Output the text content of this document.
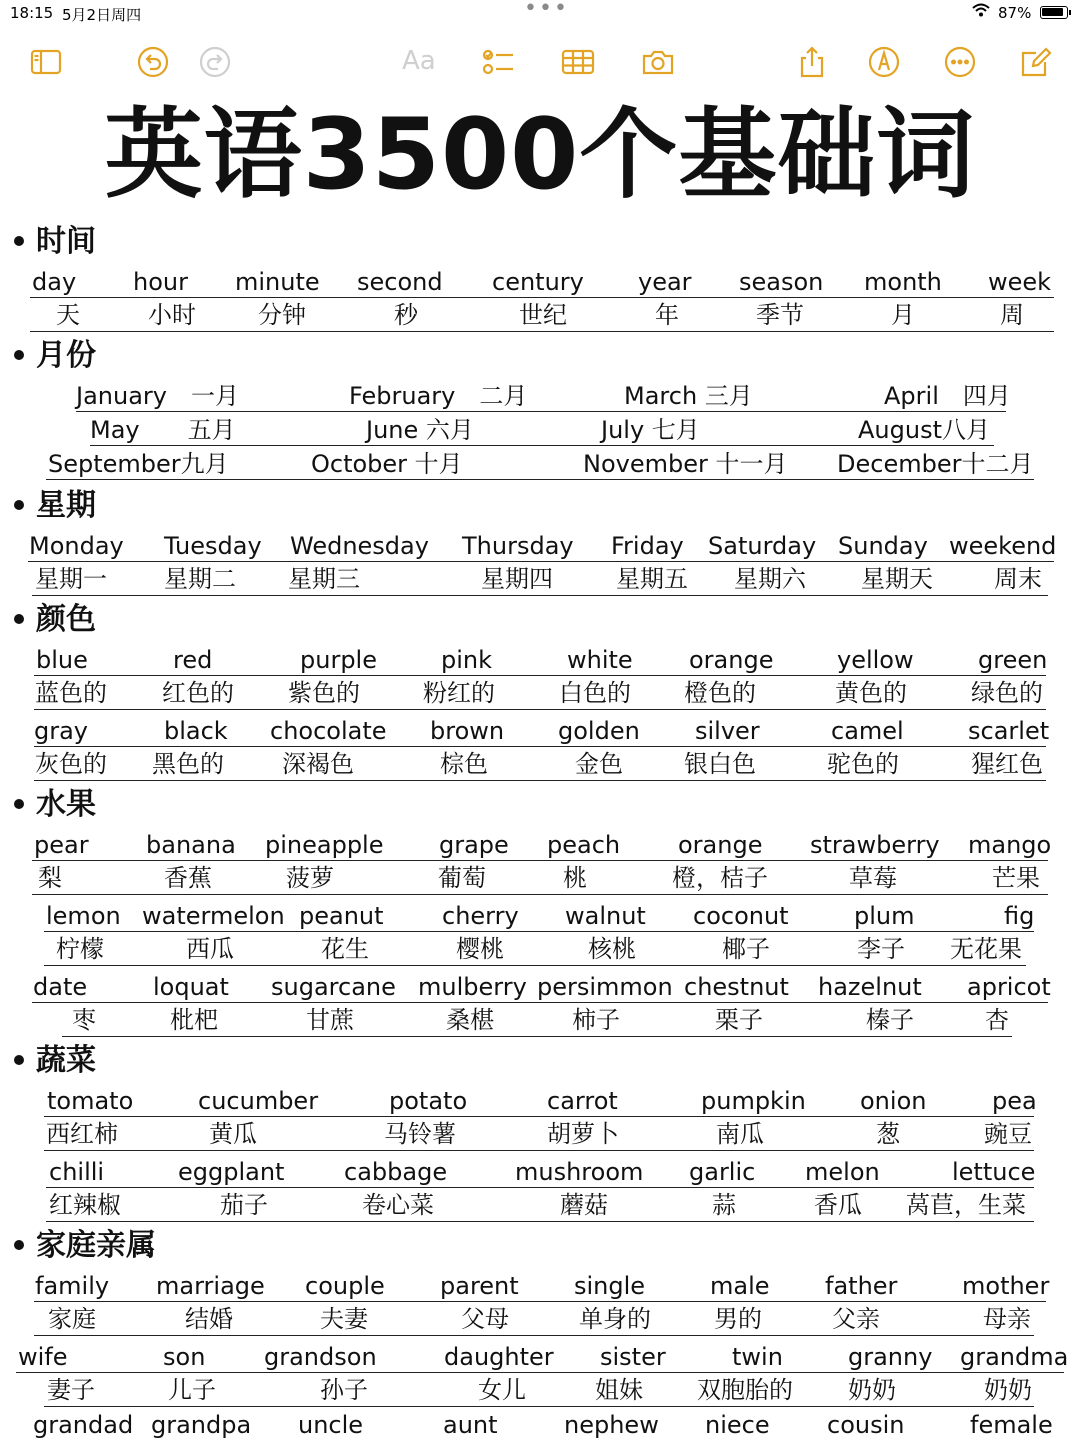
18:15 5月2日周四	•••	87%
Aa
英语3500个基础词
时间
day hour minute second century year season month week
天	小时	分钟	秒	世纪	年	季节	月	周
月份
January　一月	February　二月	March 三月	April　四月
May　　五月	June 六月	July 七月	August八月
September九月	October 十月	November 十一月 December十二月
星期
Monday Tuesday Wednesday Thursday Friday Saturday Sunday weekend
星期一 星期二 星期三	星期四	星期五 星期六 星期天	周末
颜色
blue	red	purple	pink	white orange	yellow	green
蓝色的 红色的 紫色的	粉红的	白色的 橙色的	黄色的	绿色的
gray	black chocolate brown golden silver	camel	scarlet
灰色的 黑色的 深褐色	棕色	金色	银白色	驼色的	猩红色
水果
pear banana pineapple grape peach orange strawberry mango
梨	香蕉	菠萝	葡萄	桃	橙，桔子	草莓	芒果
lemon watermelon peanut cherry walnut coconut	plum	fig
柠檬	西瓜	花生	樱桃	核桃	椰子	李子 无花果
date	loquat sugarcane mulberry persimmon chestnut hazelnut apricot
枣	枇杷	甘蔗	桑椹	柿子	栗子	榛子	杏
蔬菜
tomato	cucumber	potato	carrot	pumpkin onion	pea
西红柿	黄瓜	马铃薯	胡萝卜	南瓜	葱	豌豆
chilli	eggplant cabbage	mushroom garlic melon	lettuce
红辣椒	茄子	卷心菜	蘑菇	蒜	香瓜 莴苣，生菜
家庭亲属
family marriage couple parent single	male father	mother
家庭	结婚	夫妻	父母	单身的	男的	父亲	母亲
wife	son grandson	daughter sister	twin	granny grandma
妻子	儿子	孙子	女儿	姐妹 双胞胎的 奶奶	奶奶
grandad grandpa uncle	aunt	nephew niece cousin	female
